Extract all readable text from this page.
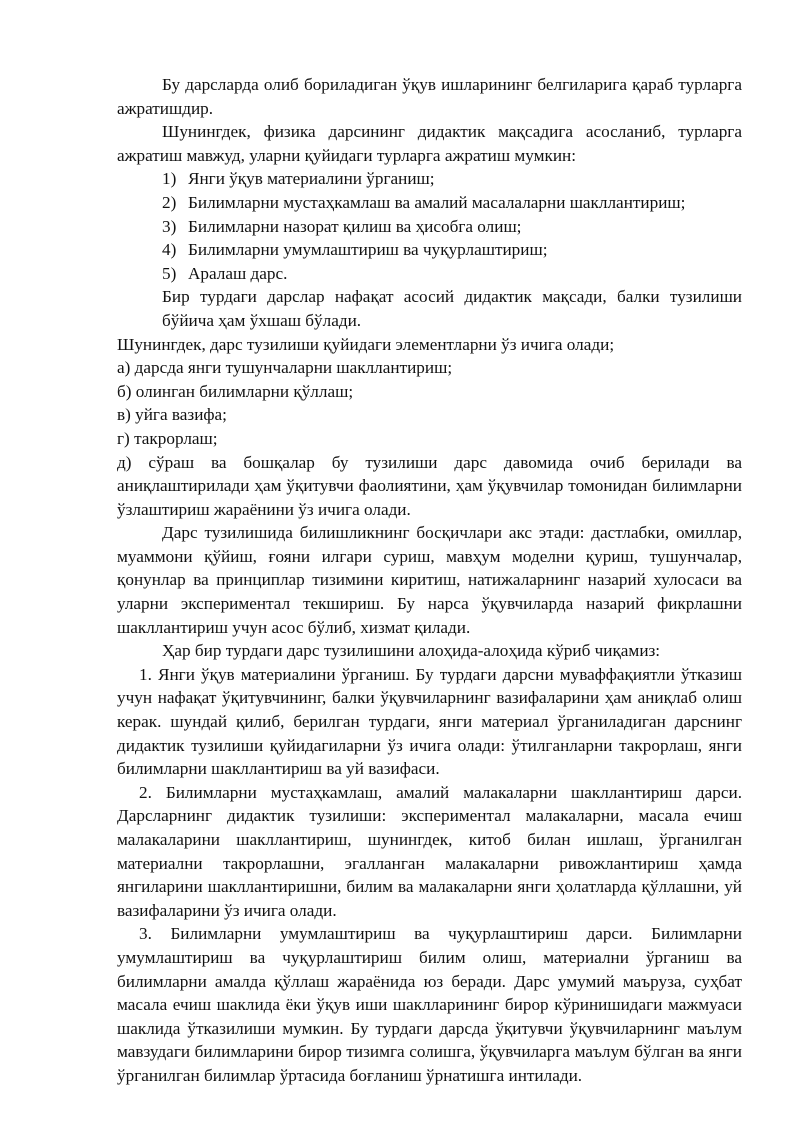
Бу дарсларда олиб бориладиган ўқув ишларининг белгиларига қараб турларга ажратишдир.

Шунингдек, физика дарсининг дидактик мақсадига асосланиб, турларга ажратиш мавжуд, уларни қуйидаги турларга ажратиш мумкин:

1) Янги ўқув материалини ўрганиш;
2) Билимларни мустаҳкамлаш ва амалий масалаларни шакллантириш;
3) Билимларни назорат қилиш ва ҳисобга олиш;
4) Билимларни умумлаштириш ва чуқурлаштириш;
5) Аралаш дарс.

Бир турдаги дарслар нафақат асосий дидактик мақсади, балки тузилиши бўйича ҳам ўхшаш бўлади.

Шунингдек, дарс тузилиши қуйидаги элементларни ўз ичига олади;

а) дарсда янги тушунчаларни шакллантириш;

б) олинган билимларни қўллаш;

в) уйга вазифа;

г) такрорлаш;

д) сўраш ва бошқалар бу тузилиши дарс давомида очиб берилади ва аниқлаштирилади ҳам ўқитувчи фаолиятини, ҳам ўқувчилар томонидан билимларни ўзлаштириш жараёнини ўз ичига олади.

Дарс тузилишида билишликнинг босқичлари акс этади: дастлабки, омиллар, муаммони қўйиш, ғояни илгари суриш, мавҳум моделни қуриш, тушунчалар, қонунлар ва принциплар тизимини киритиш, натижаларнинг назарий хулосаси ва уларни экспериментал текшириш. Бу нарса ўқувчиларда назарий фикрлашни шакллантириш учун асос бўлиб, хизмат қилади.

Ҳар бир турдаги дарс тузилишини алоҳида-алоҳида кўриб чиқамиз:

1. Янги ўқув материалини ўрганиш. Бу турдаги дарсни муваффақиятли ўтказиш учун нафақат ўқитувчининг, балки ўқувчиларнинг вазифаларини ҳам аниқлаб олиш керак. шундай қилиб, берилган турдаги, янги материал ўрганиладиган дарснинг дидактик тузилиши қуйидагиларни ўз ичига олади: ўтилганларни такрорлаш, янги билимларни шакллантириш ва уй вазифаси.

2. Билимларни мустаҳкамлаш, амалий малакаларни шакллантириш дарси. Дарсларнинг дидактик тузилиши: экспериментал малакаларни, масала ечиш малакаларини шакллантириш, шунингдек, китоб билан ишлаш, ўрганилган материални такрорлашни, эгалланган малакаларни ривожлантириш ҳамда янгиларини шакллантиришни, билим ва малакаларни янги ҳолатларда қўллашни, уй вазифаларини ўз ичига олади.

3. Билимларни умумлаштириш ва чуқурлаштириш дарси. Билимларни умумлаштириш ва чуқурлаштириш билим олиш, материални ўрганиш ва билимларни амалда қўллаш жараёнида юз беради. Дарс умумий маъруза, суҳбат масала ечиш шаклида ёки ўқув иши шаклларининг бирор кўринишидаги мажмуаси шаклида ўтказилиши мумкин. Бу турдаги дарсда ўқитувчи ўқувчиларнинг маълум мавзудаги билимларини бирор тизимга солишга, ўқувчиларга маълум бўлган ва янги ўрганилган билимлар ўртасида боғланиш ўрнатишга интилади.
